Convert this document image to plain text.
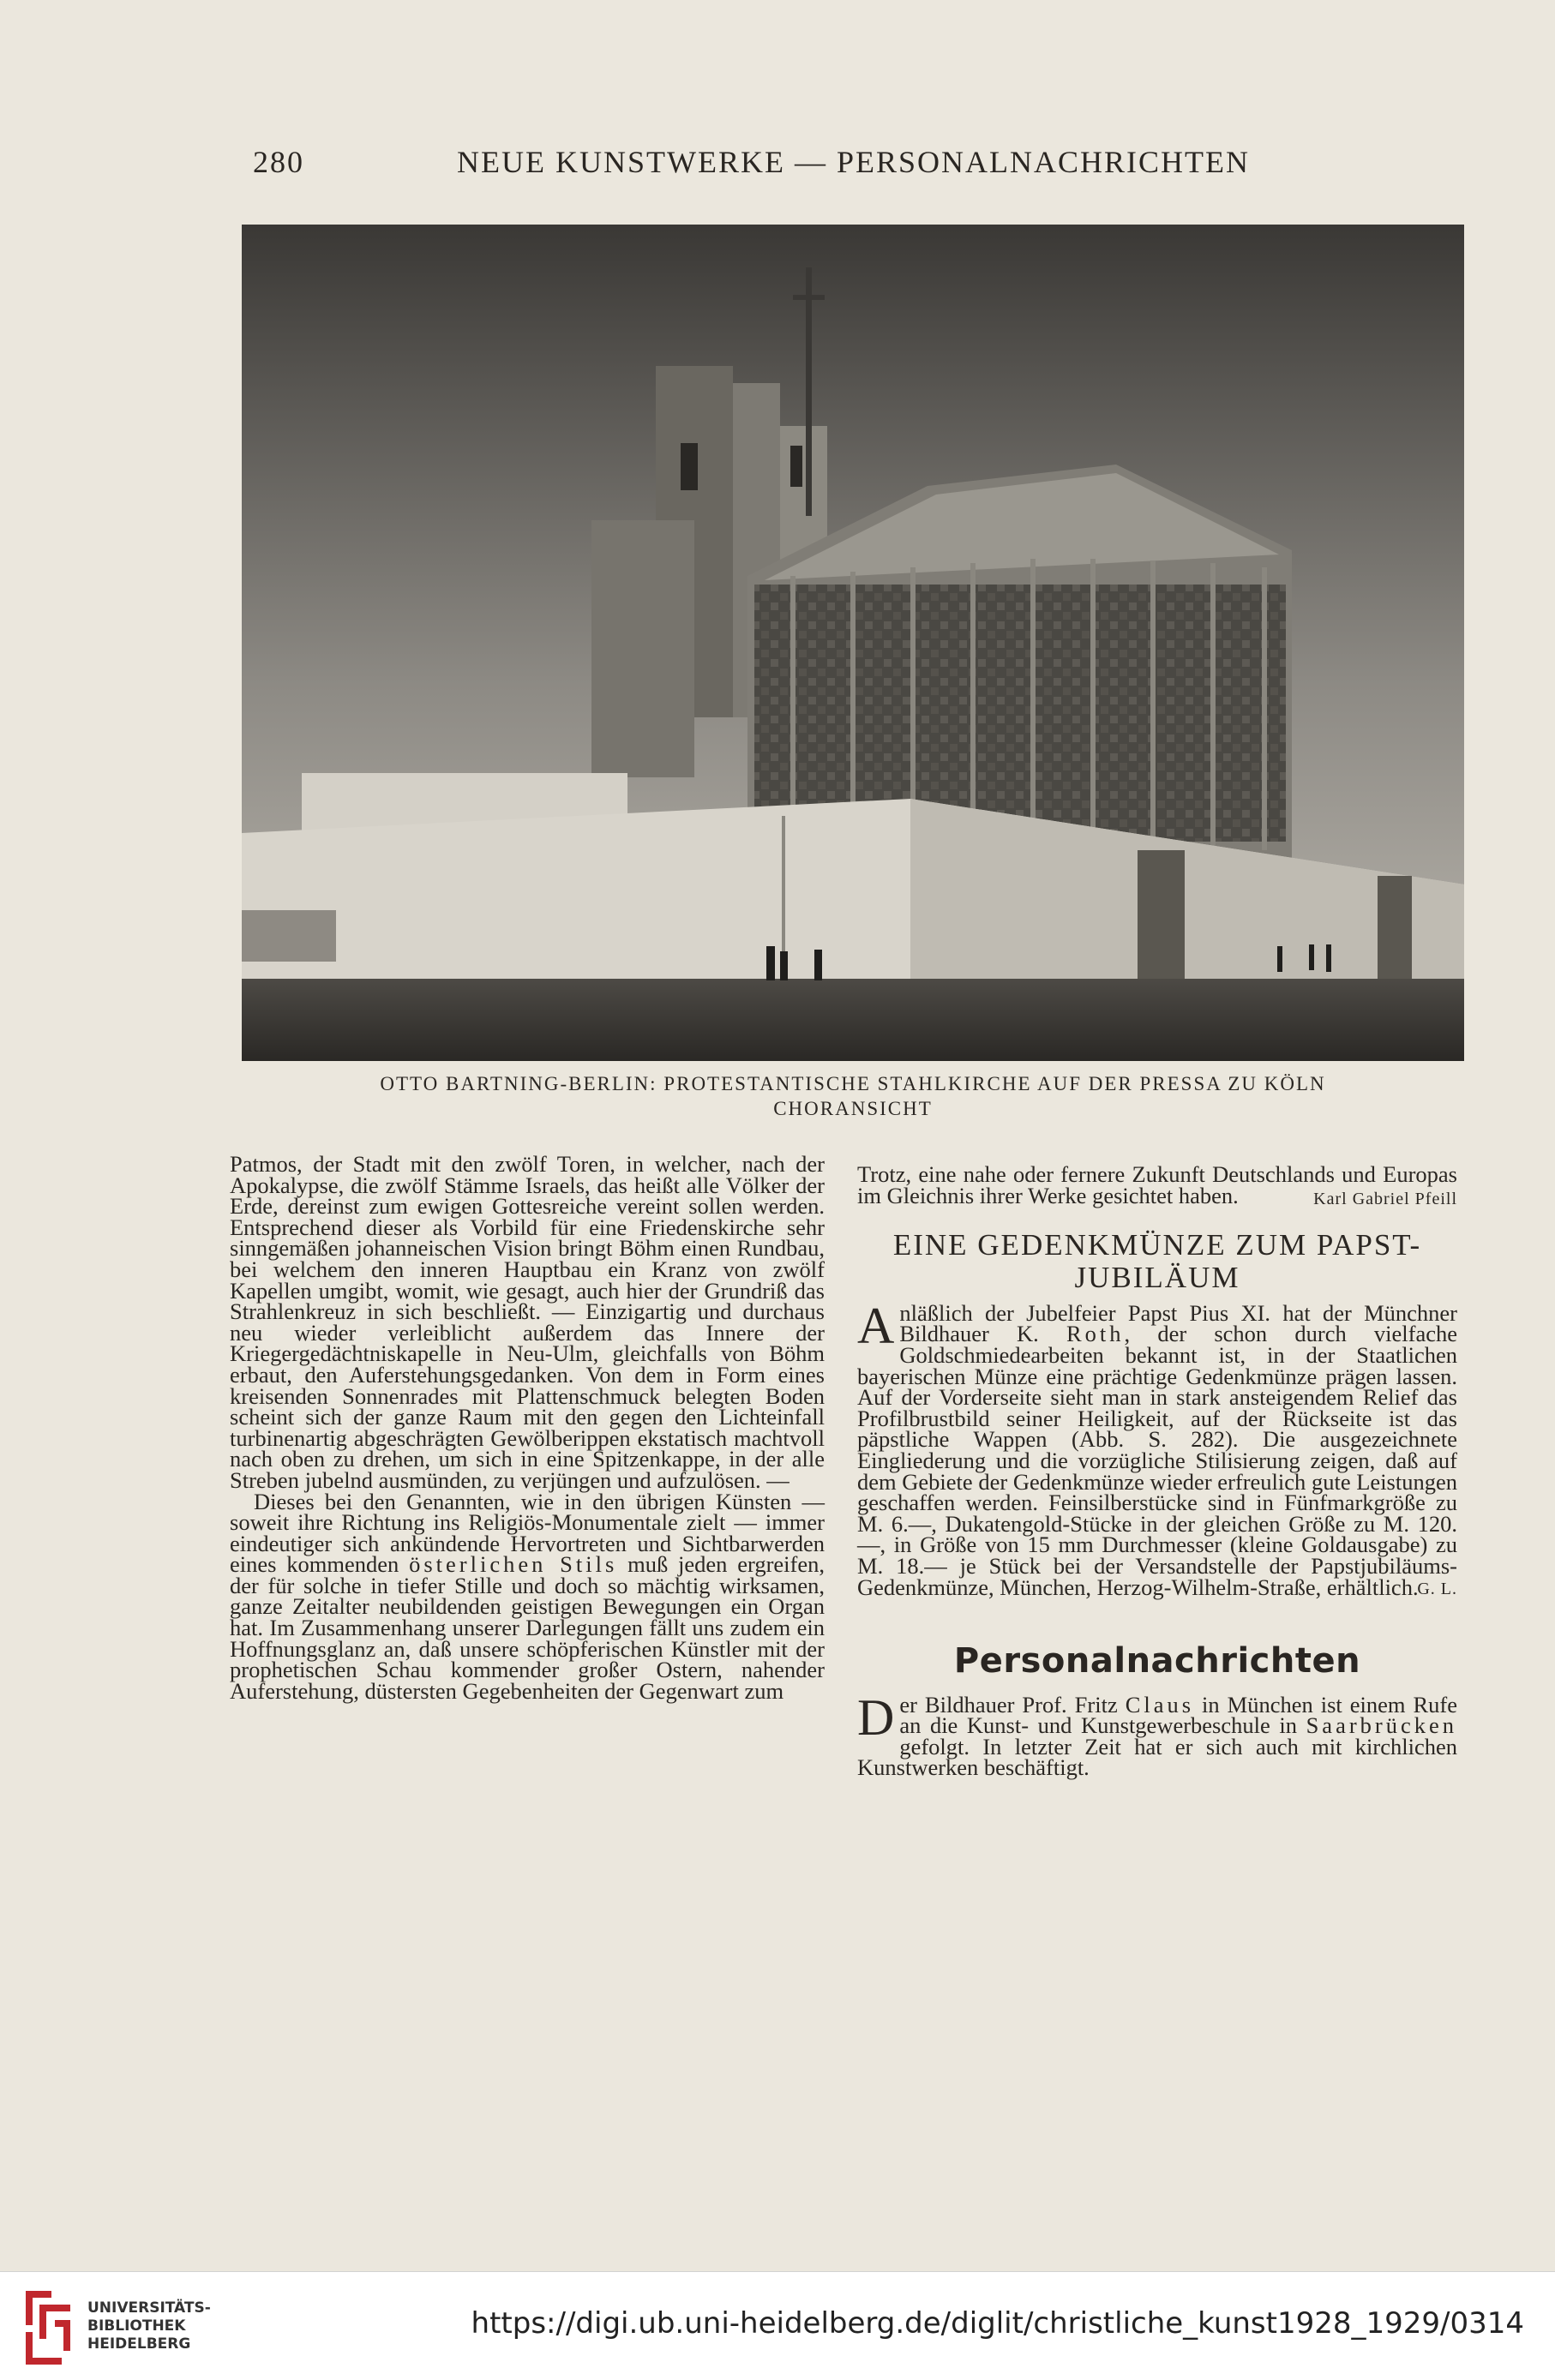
280	NEUE KUNSTWERKE — PERSONALNACHRICHTEN
OTTO BARTNING-BERLIN: PROTESTANTISCHE STAHLKIRCHE AUF DER PRESSA ZU KÖLN
CHORANSICHT

Patmos, der Stadt mit den zwölf Toren, in welcher, nach der Apokalypse, die zwölf Stämme Israels, das heißt alle Völker der Erde, dereinst zum ewigen Gottesreiche vereint sollen werden. Entsprechend dieser als Vorbild für eine Friedenskirche sehr sinngemäßen johanneischen Vision bringt Böhm einen Rundbau, bei welchem den inneren Hauptbau ein Kranz von zwölf Kapellen umgibt, womit, wie gesagt, auch hier der Grundriß das Strahlenkreuz in sich beschließt. — Einzigartig und durchaus neu wieder verleiblicht außerdem das Innere der Kriegergedächtniskapelle in Neu-Ulm, gleichfalls von Böhm erbaut, den Auferstehungsgedanken. Von dem in Form eines kreisenden Sonnenrades mit Plattenschmuck belegten Boden scheint sich der ganze Raum mit den gegen den Lichteinfall turbinenartig abgeschrägten Gewölberippen ekstatisch machtvoll nach oben zu drehen, um sich in eine Spitzenkappe, in der alle Streben jubelnd ausmünden, zu verjüngen und aufzulösen. —

Dieses bei den Genannten, wie in den übrigen Künsten — soweit ihre Richtung ins Religiös-Monumentale zielt — immer eindeutiger sich ankündende Hervortreten und Sichtbarwerden eines kommenden österlichen Stils muß jeden ergreifen, der für solche in tiefer Stille und doch so mächtig wirksamen, ganze Zeitalter neubildenden geistigen Bewegungen ein Organ hat. Im Zusammenhang unserer Darlegungen fällt uns zudem ein Hoffnungsglanz an, daß unsere schöpferischen Künstler mit der prophetischen Schau kommender großer Ostern, nahender Auferstehung, düstersten Gegebenheiten der Gegenwart zum

Trotz, eine nahe oder fernere Zukunft Deutschlands und Europas im Gleichnis ihrer Werke gesichtet haben.	Karl Gabriel Pfeill
EINE GEDENKMÜNZE ZUM PAPST-JUBILÄUM

Anläßlich der Jubelfeier Papst Pius XI. hat der Münchner Bildhauer K. Roth, der schon durch vielfache Goldschmiedearbeiten bekannt ist, in der Staatlichen bayerischen Münze eine prächtige Gedenkmünze prägen lassen. Auf der Vorderseite sieht man in stark ansteigendem Relief das Profilbrustbild seiner Heiligkeit, auf der Rückseite ist das päpstliche Wappen (Abb. S. 282). Die ausgezeichnete Eingliederung und die vorzügliche Stilisierung zeigen, daß auf dem Gebiete der Gedenkmünze wieder erfreulich gute Leistungen geschaffen werden. Feinsilberstücke sind in Fünfmarkgröße zu M. 6.—, Dukatengold-Stücke in der gleichen Größe zu M. 120.—, in Größe von 15 mm Durchmesser (kleine Goldausgabe) zu M. 18.— je Stück bei der Versandstelle der Papstjubiläums-Gedenkmünze, München, Herzog-Wilhelm-Straße, erhältlich.

G. L.
Personalnachrichten

Der Bildhauer Prof. Fritz Claus in München ist einem Rufe an die Kunst- und Kunstgewerbeschule in Saarbrücken gefolgt. In letzter Zeit hat er sich auch mit kirchlichen Kunstwerken beschäftigt.

UNIVERSITÄTS-
BIBLIOTHEK
HEIDELBERG
https://digi.ub.uni-heidelberg.de/diglit/christliche_kunst1928_1929/0314
